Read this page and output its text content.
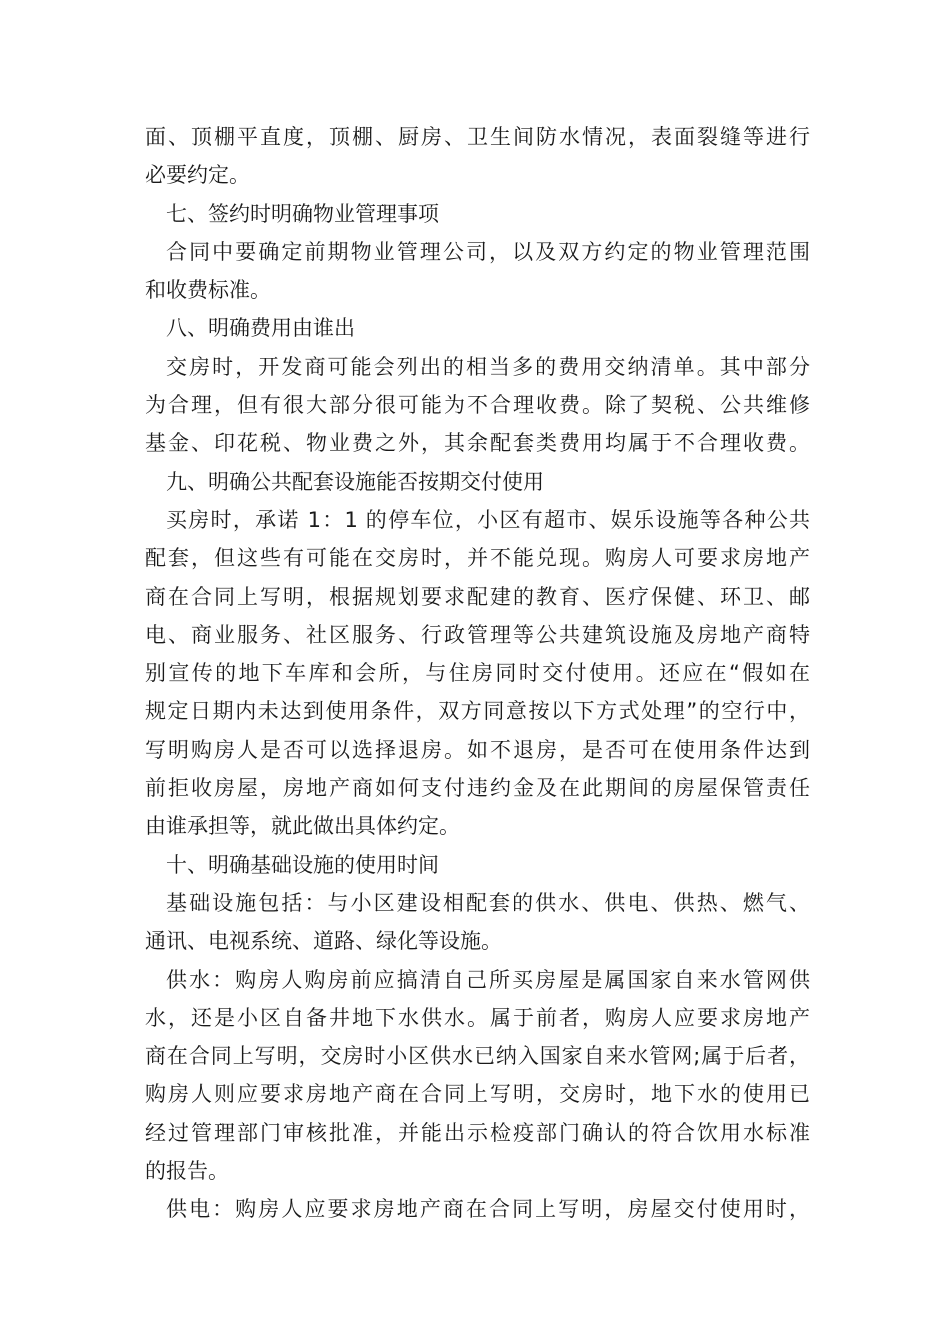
面、顶棚平直度，顶棚、厨房、卫生间防水情况，表面裂缝等进行
必要约定。
七、签约时明确物业管理事项
合同中要确定前期物业管理公司，以及双方约定的物业管理范围
和收费标准。
八、明确费用由谁出
交房时，开发商可能会列出的相当多的费用交纳清单。其中部分
为合理，但有很大部分很可能为不合理收费。除了契税、公共维修
基金、印花税、物业费之外，其余配套类费用均属于不合理收费。
九、明确公共配套设施能否按期交付使用
买房时，承诺 1：1 的停车位，小区有超市、娱乐设施等各种公共
配套，但这些有可能在交房时，并不能兑现。购房人可要求房地产
商在合同上写明，根据规划要求配建的教育、医疗保健、环卫、邮
电、商业服务、社区服务、行政管理等公共建筑设施及房地产商特
别宣传的地下车库和会所，与住房同时交付使用。还应在“假如在
规定日期内未达到使用条件，双方同意按以下方式处理”的空行中，
写明购房人是否可以选择退房。如不退房，是否可在使用条件达到
前拒收房屋，房地产商如何支付违约金及在此期间的房屋保管责任
由谁承担等，就此做出具体约定。
十、明确基础设施的使用时间
基础设施包括：与小区建设相配套的供水、供电、供热、燃气、
通讯、电视系统、道路、绿化等设施。
供水：购房人购房前应搞清自己所买房屋是属国家自来水管网供
水，还是小区自备井地下水供水。属于前者，购房人应要求房地产
商在合同上写明，交房时小区供水已纳入国家自来水管网;属于后者，
购房人则应要求房地产商在合同上写明，交房时，地下水的使用已
经过管理部门审核批准，并能出示检疫部门确认的符合饮用水标准
的报告。
供电：购房人应要求房地产商在合同上写明，房屋交付使用时，
